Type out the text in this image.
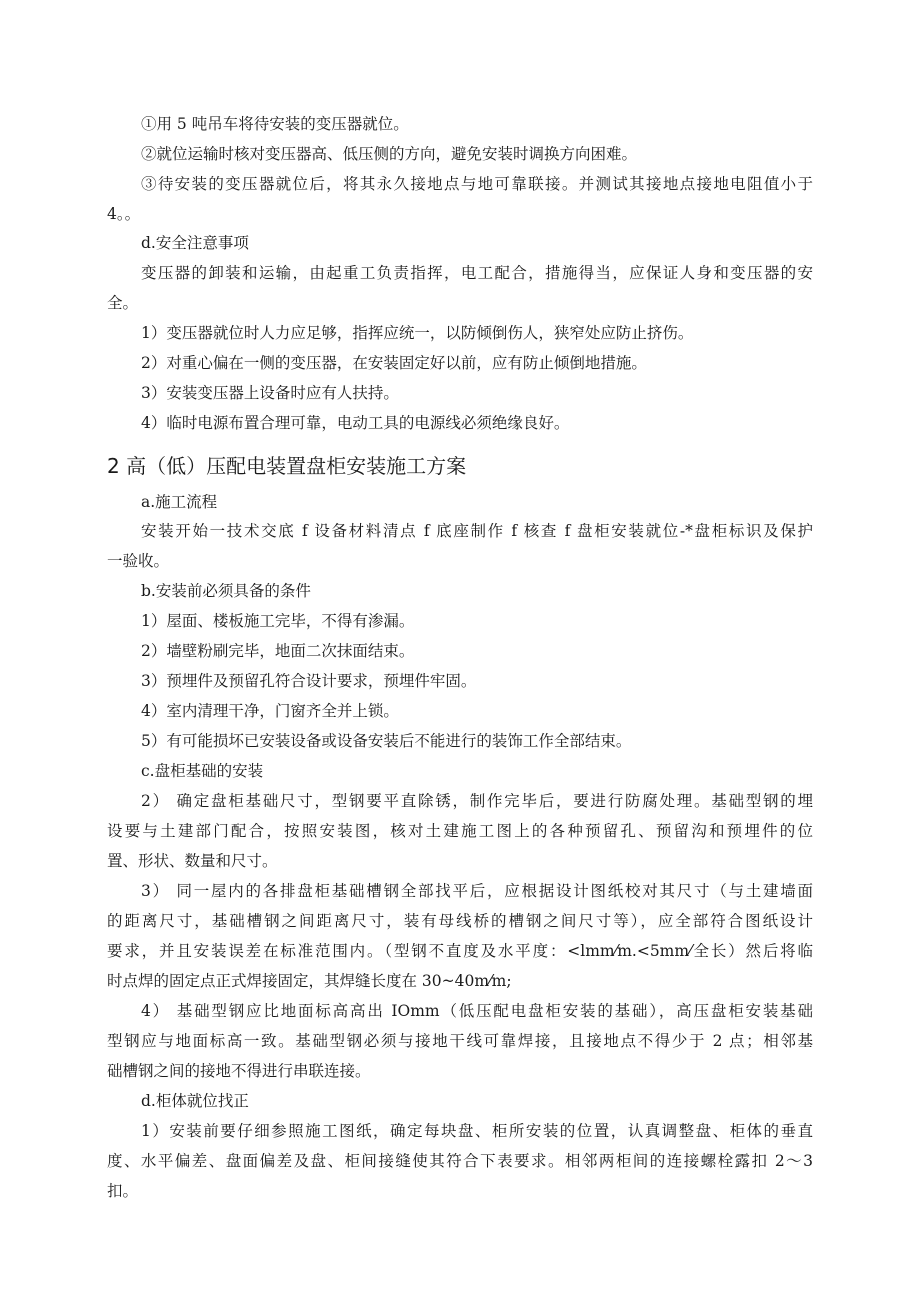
①用 5 吨吊车将待安装的变压器就位。

②就位运输时核对变压器高、低压侧的方向，避免安装时调换方向困难。

③待安装的变压器就位后，将其永久接地点与地可靠联接。并测试其接地点接地电阻值小于

4。。

d.安全注意事项

变压器的卸装和运输，由起重工负责指挥，电工配合，措施得当，应保证人身和变压器的安

全。

1）变压器就位时人力应足够，指挥应统一，以防倾倒伤人，狭窄处应防止挤伤。

2）对重心偏在一侧的变压器，在安装固定好以前，应有防止倾倒地措施。

3）安装变压器上设备时应有人扶持。

4）临时电源布置合理可靠，电动工具的电源线必须绝缘良好。

2 高（低）压配电装置盘柜安装施工方案

a.施工流程

安装开始一技术交底 f 设备材料清点 f 底座制作 f 核查 f 盘柜安装就位-*盘柜标识及保护

一验收。

b.安装前必须具备的条件

1）屋面、楼板施工完毕，不得有渗漏。

2）墙壁粉刷完毕，地面二次抹面结束。

3）预埋件及预留孔符合设计要求，预埋件牢固。

4）室内清理干净，门窗齐全并上锁。

5）有可能损坏已安装设备或设备安装后不能进行的装饰工作全部结束。

c.盘柜基础的安装

2） 确定盘柜基础尺寸，型钢要平直除锈，制作完毕后，要进行防腐处理。基础型钢的埋

设要与土建部门配合，按照安装图，核对土建施工图上的各种预留孔、预留沟和预埋件的位

置、形状、数量和尺寸。

3） 同一屋内的各排盘柜基础槽钢全部找平后，应根据设计图纸校对其尺寸（与土建墙面

的距离尺寸，基础槽钢之间距离尺寸，装有母线桥的槽钢之间尺寸等），应全部符合图纸设计

要求，并且安装误差在标准范围内。（型钢不直度及水平度：<lmm⁄m.<5mm⁄全长）然后将临

时点焊的固定点正式焊接固定，其焊缝长度在 30~40m⁄m;

4） 基础型钢应比地面标高高出 IOmm（低压配电盘柜安装的基础），高压盘柜安装基础

型钢应与地面标高一致。基础型钢必须与接地干线可靠焊接，且接地点不得少于 2 点；相邻基

础槽钢之间的接地不得进行串联连接。

d.柜体就位找正

1）安装前要仔细参照施工图纸，确定每块盘、柜所安装的位置，认真调整盘、柜体的垂直

度、水平偏差、盘面偏差及盘、柜间接缝使其符合下表要求。相邻两柜间的连接螺栓露扣 2～3

扣。
